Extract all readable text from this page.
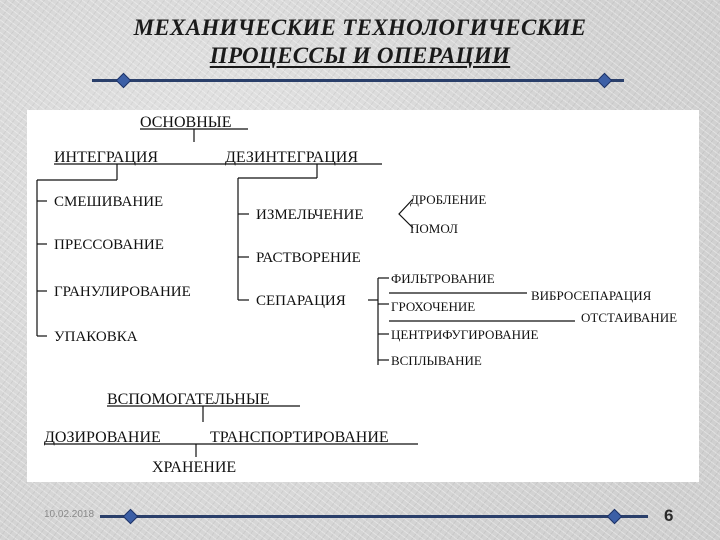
МЕХАНИЧЕСКИЕ ТЕХНОЛОГИЧЕСКИЕ
ПРОЦЕССЫ И ОПЕРАЦИИ
ОСНОВНЫЕ
ИНТЕГРАЦИЯ	ДЕЗИНТЕГРАЦИЯ
СМЕШИВАНИЕ
ПРЕССОВАНИЕ
ГРАНУЛИРОВАНИЕ
УПАКОВКА
ИЗМЕЛЬЧЕНИЕ
ДРОБЛЕНИЕ
ПОМОЛ
РАСТВОРЕНИЕ
СЕПАРАЦИЯ
ФИЛЬТРОВАНИЕ
ГРОХОЧЕНИЕ
ЦЕНТРИФУГИРОВАНИЕ
ВСПЛЫВАНИЕ
ВИБРОСЕПАРАЦИЯ
ОТСТАИВАНИЕ
ВСПОМОГАТЕЛЬНЫЕ
ДОЗИРОВАНИЕ	ТРАНСПОРТИРОВАНИЕ
ХРАНЕНИЕ
10.02.2018	6
